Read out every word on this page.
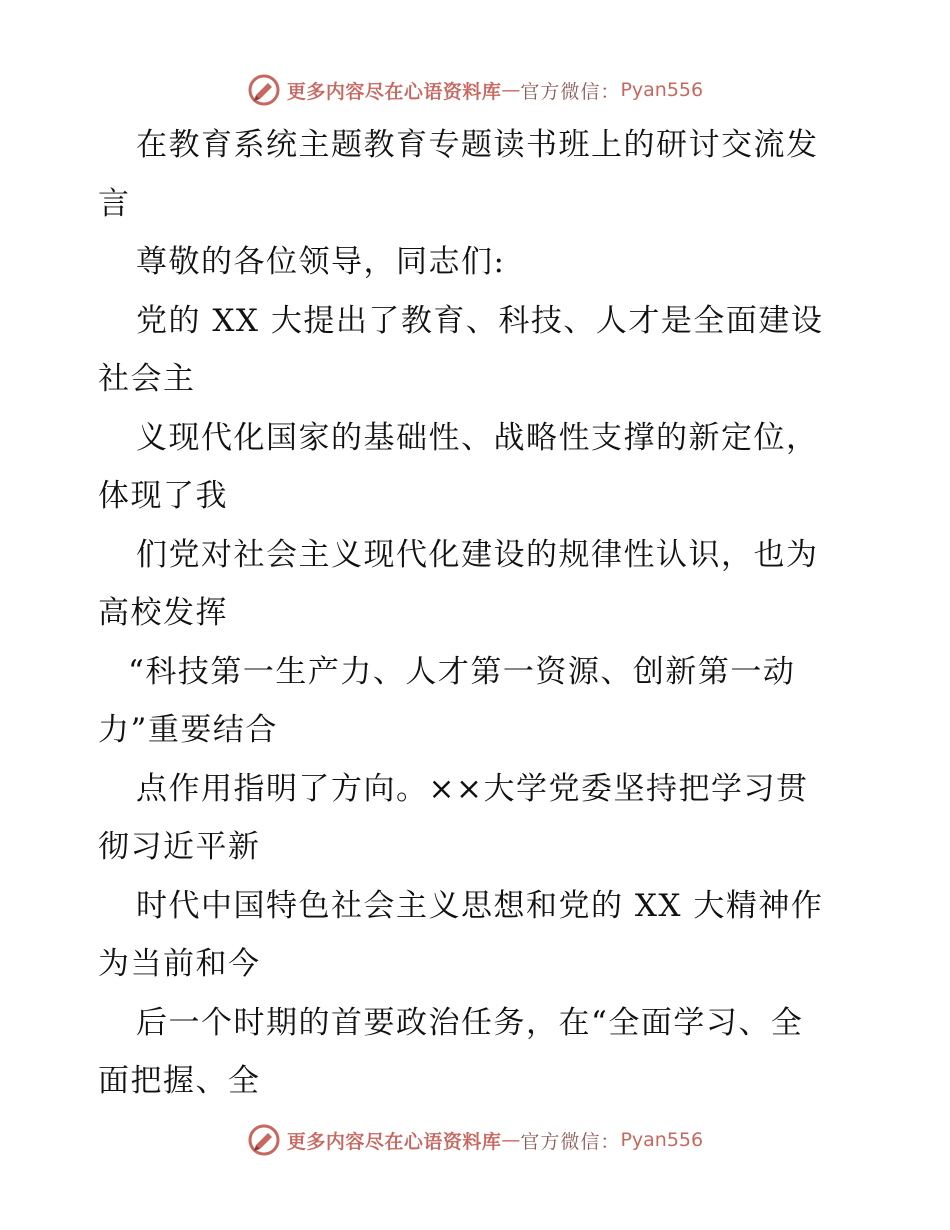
更多内容尽在心语资料库 — 官方微信： Pyan556
在教育系统主题教育专题读书班上的研讨交流发
言
尊敬的各位领导，同志们:
党的 XX 大提出了教育、科技、人才是全面建设
社会主
义现代化国家的基础性、战略性支撑的新定位，
体现了我
们党对社会主义现代化建设的规律性认识，也为
高校发挥
“科技第一生产力、人才第一资源、创新第一动
力”重要结合
点作用指明了方向。××大学党委坚持把学习贯
彻习近平新
时代中国特色社会主义思想和党的 XX 大精神作
为当前和今
后一个时期的首要政治任务，在“全面学习、全
面把握、全
更多内容尽在心语资料库 — 官方微信： Pyan556
